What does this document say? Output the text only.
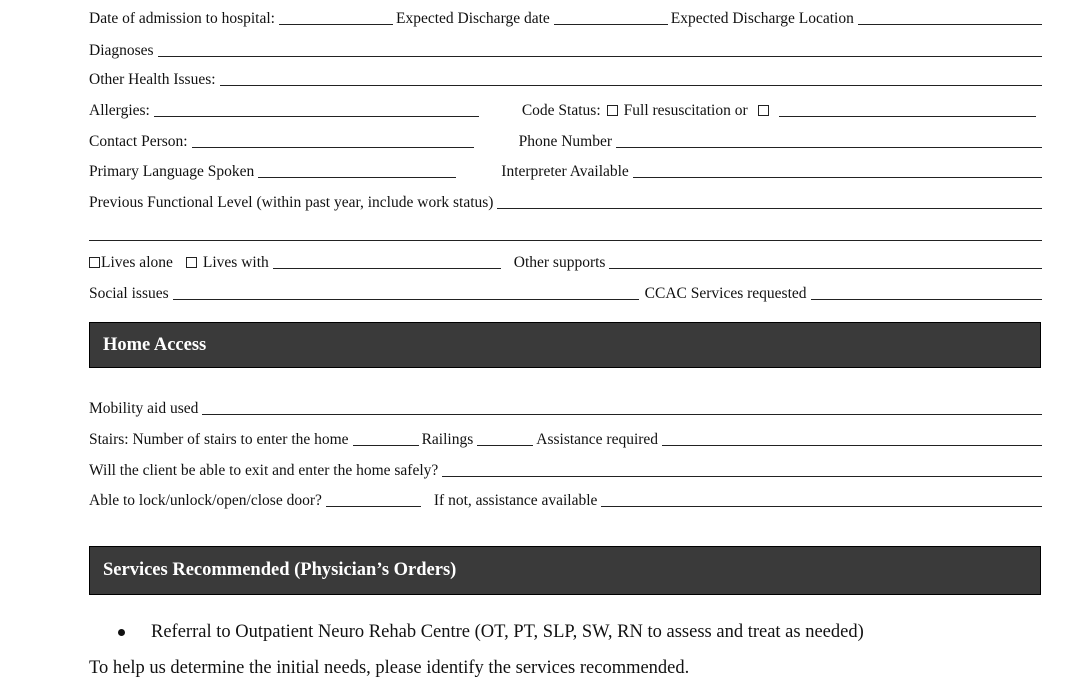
Date of admission to hospital:	Expected Discharge date	Expected Discharge Location
Diagnoses
Other Health Issues:
Allergies:	Code Status: Full resuscitation or
Contact Person:	Phone Number
Primary Language Spoken	Interpreter Available
Previous Functional Level (within past year, include work status)
Lives alone Lives with	Other supports
Social issues	CCAC Services requested
Home Access
Mobility aid used
Stairs: Number of stairs to enter the home	Railings	Assistance required
Will the client be able to exit and enter the home safely?
Able to lock/unlock/open/close door?	If not, assistance available
Services Recommended (Physician’s Orders)
Referral to Outpatient Neuro Rehab Centre (OT, PT, SLP, SW, RN to assess and treat as needed)
To help us determine the initial needs, please identify the services recommended.
